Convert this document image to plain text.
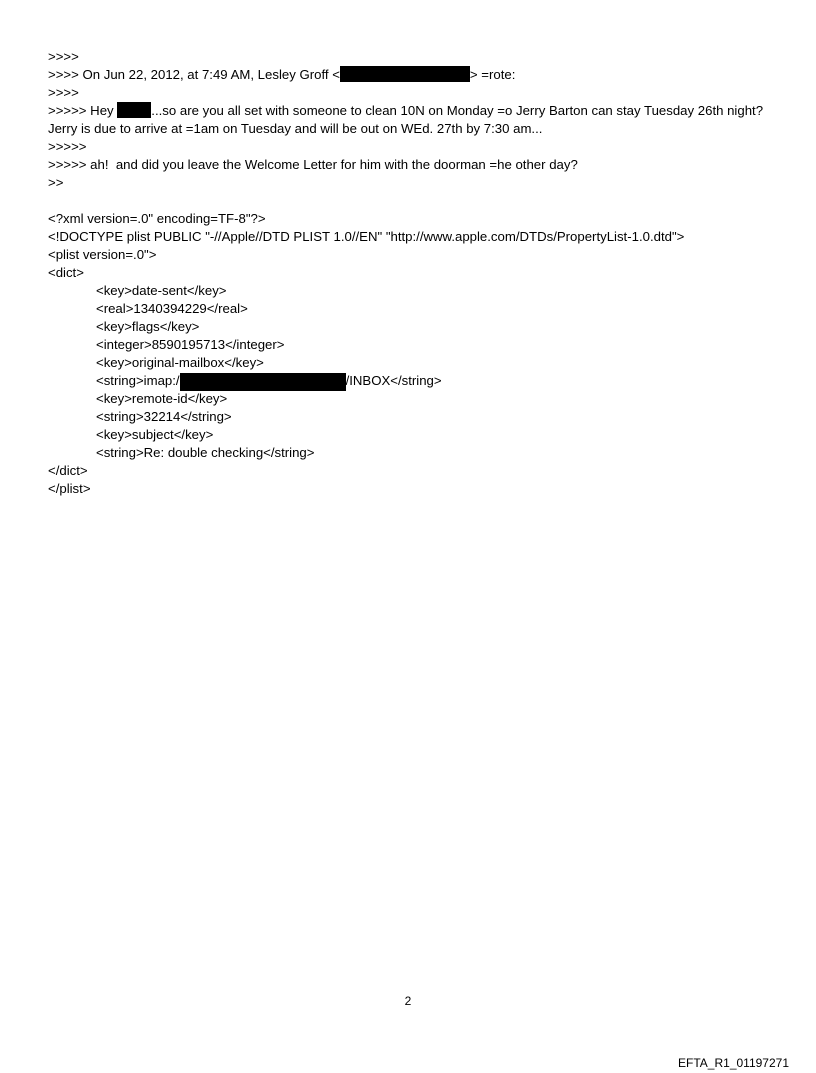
>>>>
>>>> On Jun 22, 2012, at 7:49 AM, Lesley Groff <	> =rote:
>>>>
>>>>> Hey	...so are you all set with someone to clean 10N on Monday =o Jerry Barton can stay Tuesday 26th night? Jerry is due to arrive at =1am on Tuesday and will be out on WEd. 27th by 7:30 am...
>>>>>
>>>>> ah!  and did you leave the Welcome Letter for him with the doorman =he other day?
>>
<?xml version=.0" encoding=TF-8"?>
<!DOCTYPE plist PUBLIC "-//Apple//DTD PLIST 1.0//EN" "http://www.apple.com/DTDs/PropertyList-1.0.dtd">
<plist version=.0">
<dict>
<key>date-sent</key>
<real>1340394229</real>
<key>flags</key>
<integer>8590195713</integer>
<key>original-mailbox</key>
<string>imap:/	/INBOX</string>
<key>remote-id</key>
<string>32214</string>
<key>subject</key>
<string>Re: double checking</string>
</dict>
</plist>
2
EFTA_R1_01197271
